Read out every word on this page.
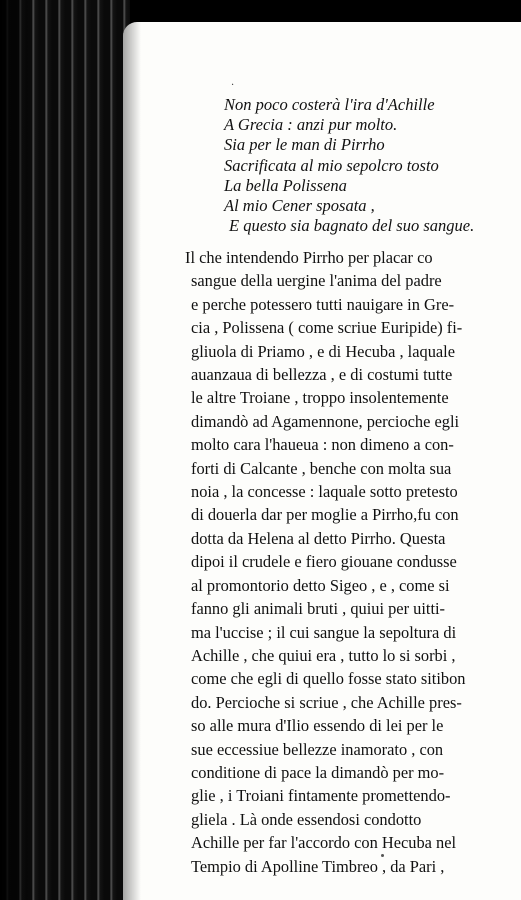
.
Non poco costerà l'ira d'Achille
A Grecia : anzi pur molto.
Sia per le man di Pirrho
Sacrificata al mio sepolcro tosto
La bella Polissena
Al mio Cener sposata ,
E questo sia bagnato del suo sangue.
Il che intendendo Pirrho per placar co
sangue della uergine l'anima del padre
e perche potessero tutti nauigare in Gre-
cia , Polissena ( come scriue Euripide) fi-
gliuola di Priamo , e di Hecuba , laquale
auanzaua di bellezza , e di costumi tutte
le altre Troiane , troppo insolentemente
dimandò ad Agamennone, percioche egli
molto cara l'haueua : non dimeno a con-
forti di Calcante , benche con molta sua
noia , la concesse : laquale sotto pretesto
di douerla dar per moglie a Pirrho,fu con
dotta da Helena al detto Pirrho. Questa
dipoi il crudele e fiero giouane condusse
al promontorio detto Sigeo , e , come si
fanno gli animali bruti , quiui per uitti-
ma l'uccise ; il cui sangue la sepoltura di
Achille , che quiui era , tutto lo si sorbi ,
come che egli di quello fosse stato sitibon
do. Percioche si scriue , che Achille pres-
so alle mura d'Ilio essendo di lei per le
sue eccessiue bellezze inamorato , con
conditione di pace la dimandò per mo-
glie , i Troiani fintamente promettendo-
gliela . Là onde essendosi condotto
Achille per far l'accordo con Hecuba nel
Tempio di Apolline Timbreo , da Pari ,
